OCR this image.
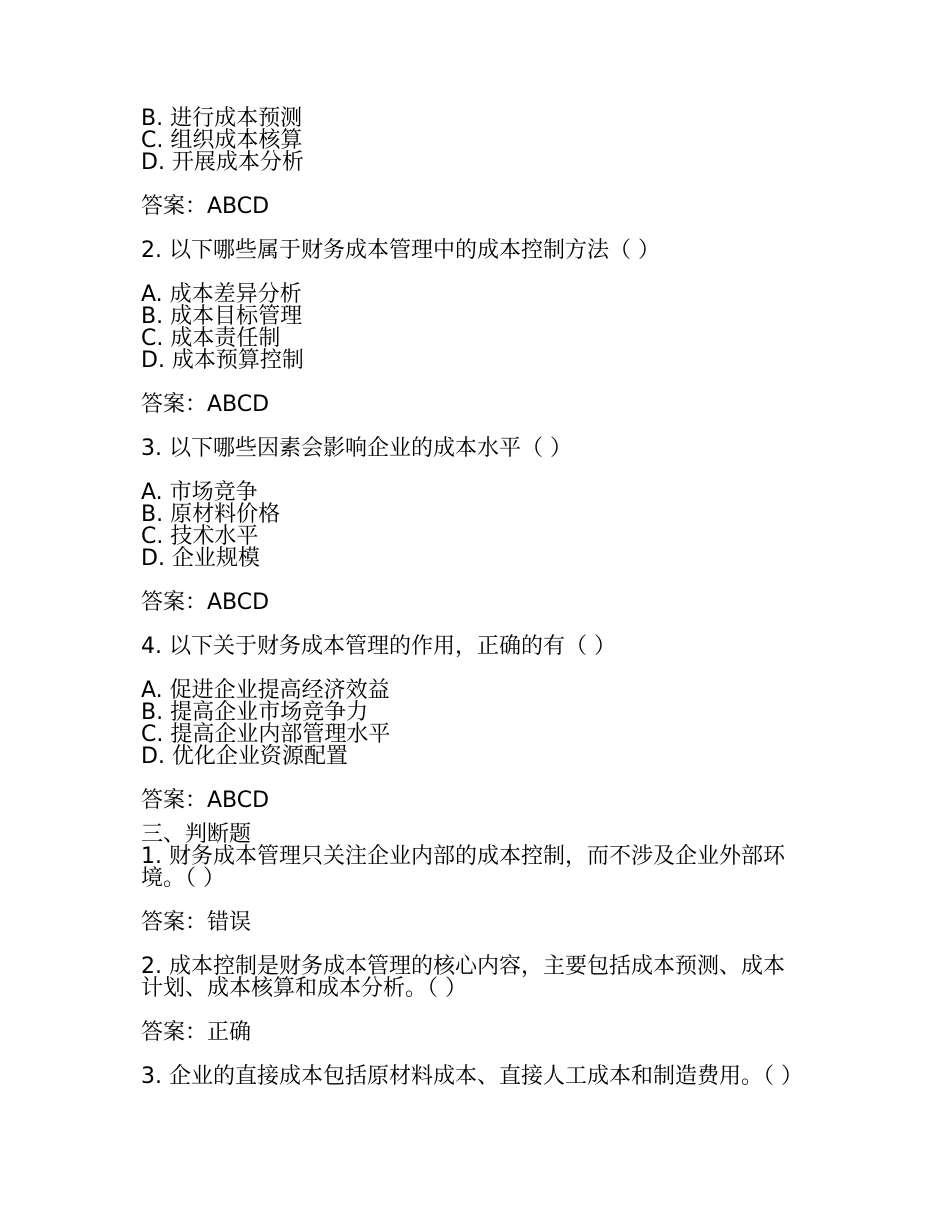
B. 进行成本预测
C. 组织成本核算
D. 开展成本分析
答案：ABCD
2. 以下哪些属于财务成本管理中的成本控制方法（ ）
A. 成本差异分析
B. 成本目标管理
C. 成本责任制
D. 成本预算控制
答案：ABCD
3. 以下哪些因素会影响企业的成本水平（ ）
A. 市场竞争
B. 原材料价格
C. 技术水平
D. 企业规模
答案：ABCD
4. 以下关于财务成本管理的作用，正确的有（ ）
A. 促进企业提高经济效益
B. 提高企业市场竞争力
C. 提高企业内部管理水平
D. 优化企业资源配置
答案：ABCD
三、判断题
1. 财务成本管理只关注企业内部的成本控制，而不涉及企业外部环境。（ ）
答案：错误
2. 成本控制是财务成本管理的核心内容，主要包括成本预测、成本计划、成本核算和成本分析。（ ）
答案：正确
3. 企业的直接成本包括原材料成本、直接人工成本和制造费用。（ ）
